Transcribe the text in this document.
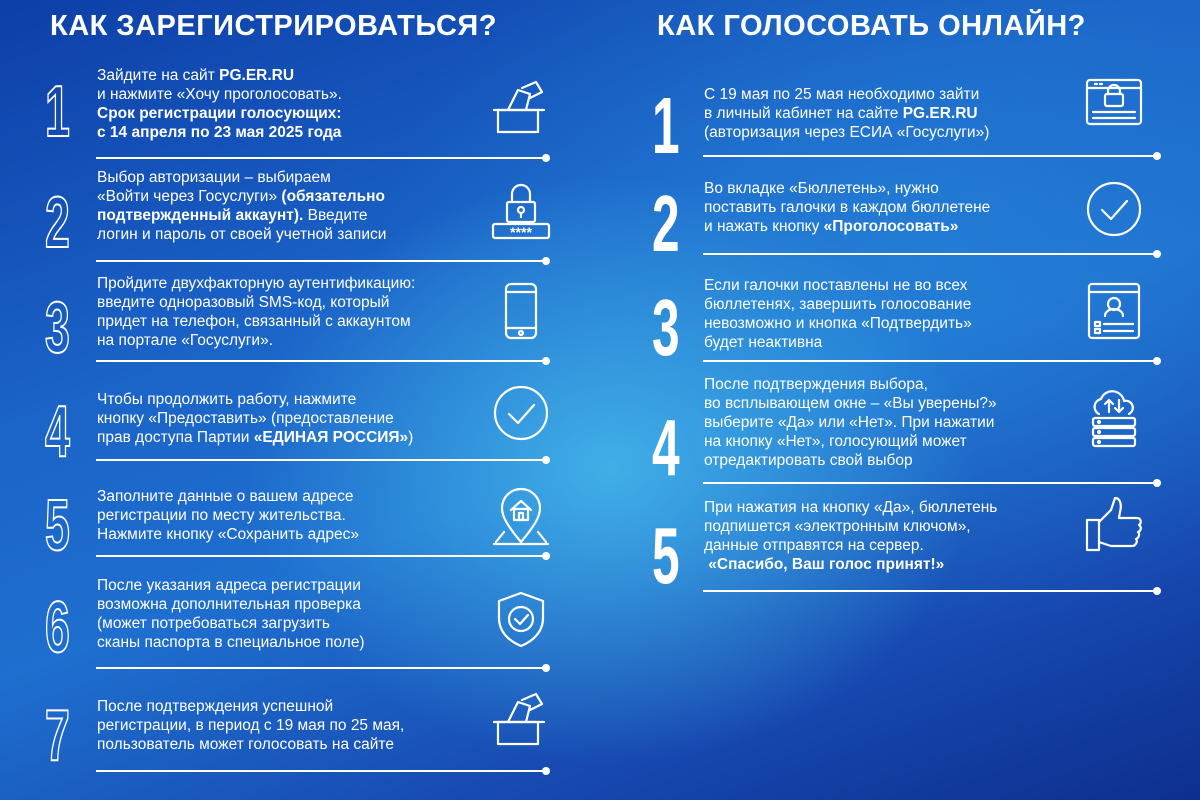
КАК ЗАРЕГИСТРИРОВАТЬСЯ?
1 Зайдите на сайт PG.ER.RU
и нажмите «Хочу проголосовать».
Срок регистрации голосующих:
с 14 апреля по 23 мая 2025 года
2
Выбор авторизации – выбираем
«Войти через Госуслуги» (обязательно
подтвержденный аккаунт). Введите
логин и пароль от своей учетной записи	****
3
Пройдите двухфакторную аутентификацию:
введите одноразовый SMS-код, который
придет на телефон, связанный с аккаунтом
на портале «Госуслуги».
4 Чтобы продолжить работу, нажмите
кнопку «Предоставить» (предоставление
прав доступа Партии «ЕДИНАЯ РОССИЯ»)
5 Заполните данные о вашем адресе
регистрации по месту жительства.
Нажмите кнопку «Сохранить адрес»
6
После указания адреса регистрации
возможна дополнительная проверка
(может потребоваться загрузить
сканы паспорта в специальное поле)
7 После подтверждения успешной
регистрации, в период с 19 мая по 25 мая,
пользователь может голосовать на сайте
КАК ГОЛОСОВАТЬ ОНЛАЙН?
1 С 19 мая по 25 мая необходимо зайти
в личный кабинет на сайте PG.ER.RU
(авторизация через ЕСИА «Госуслуги»)
2 Во вкладке «Бюллетень», нужно
поставить галочки в каждом бюллетене
и нажать кнопку «Проголосовать»
3 Если галочки поставлены не во всех
бюллетенях, завершить голосование
невозможно и кнопка «Подтвердить»
будет неактивна
4
После подтверждения выбора,
во всплывающем окне – «Вы уверены?»
выберите «Да» или «Нет». При нажатии
на кнопку «Нет», голосующий может
отредактировать свой выбор
5
При нажатия на кнопку «Да», бюллетень
подпишется «электронным ключом»,
данные отправятся на сервер.
«Спасибо, Ваш голос принят!»
